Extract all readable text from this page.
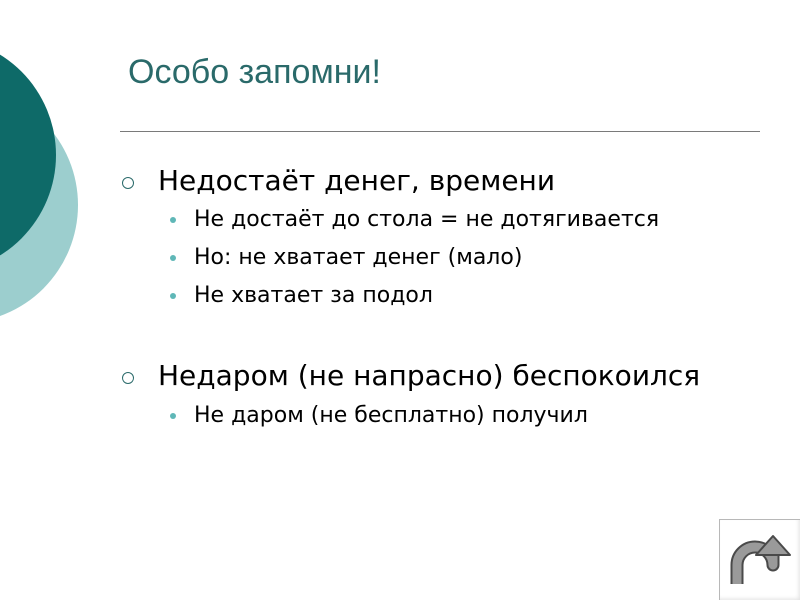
Особо запомни!
Недостаёт денег, времени
Не достаёт до стола = не дотягивается
Но: не хватает денег (мало)
Не хватает за подол
Недаром (не напрасно) беспокоился
Не даром (не бесплатно) получил
